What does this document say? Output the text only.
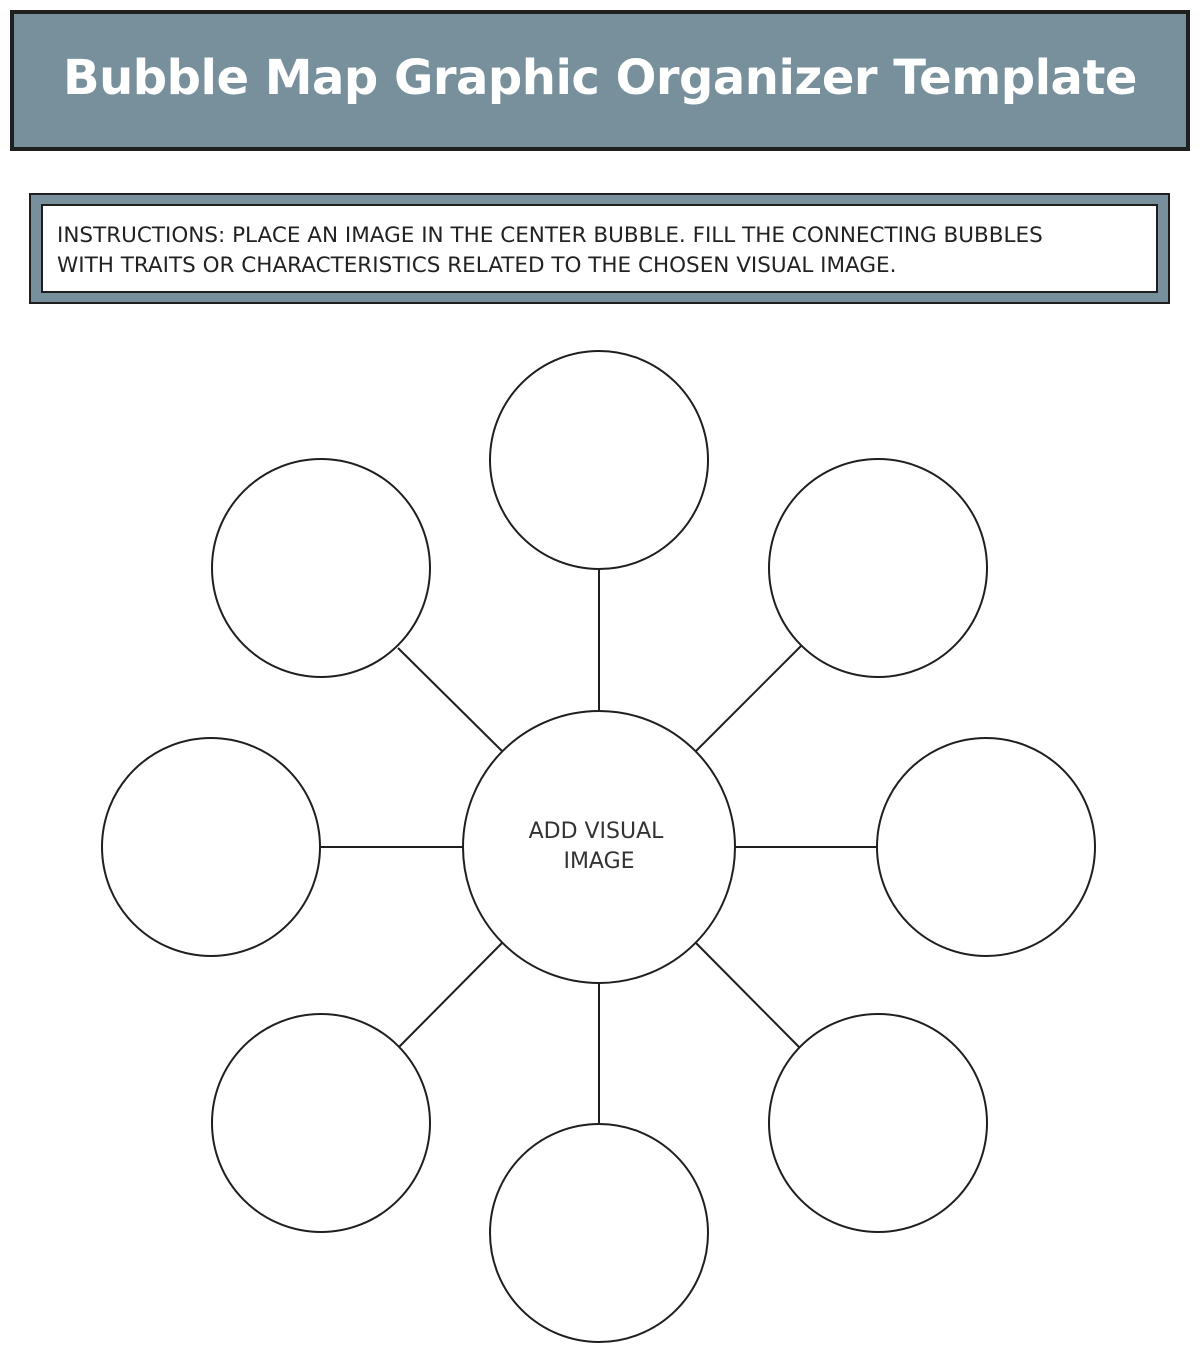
Bubble Map Graphic Organizer Template

INSTRUCTIONS: PLACE AN IMAGE IN THE CENTER BUBBLE. FILL THE CONNECTING BUBBLES

WITH TRAITS OR CHARACTERISTICS RELATED TO THE CHOSEN VISUAL IMAGE.

ADD VISUAL
IMAGE
